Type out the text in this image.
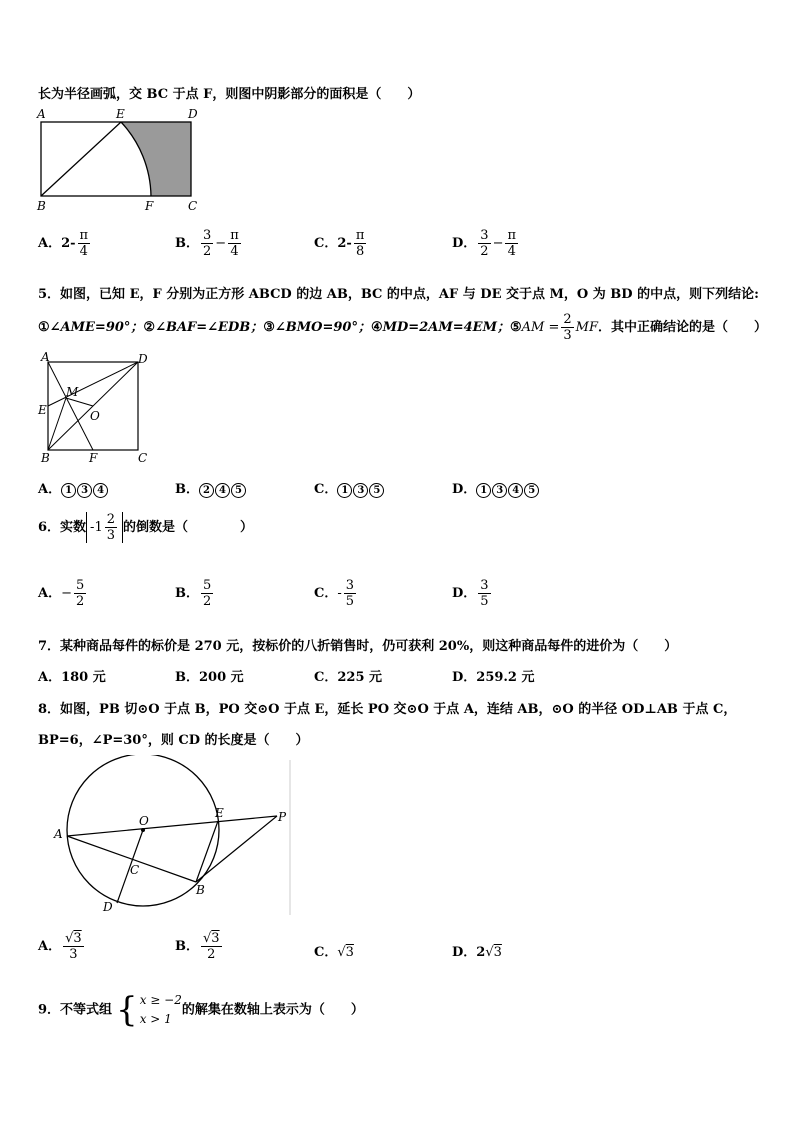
长为半径画弧，交 BC 于点 F，则图中阴影部分的面积是（　　）
A	E	D
B	F	C
A．$2- \frac{\pi}{4}$	B． $\frac{3}{2} - \frac{\pi}{4}$	C．$2- \frac{\pi}{8}$	D． $\frac{3}{2} - \frac{\pi}{4}$
5．如图，已知 E，F 分别为正方形 ABCD 的边 AB，BC 的中点，AF 与 DE 交于点 M，O 为 BD 的中点，则下列结论:
①∠AME=90°；②∠BAF=∠EDB；③∠BMO=90°；④MD=2AM=4EM；⑤AM = $\frac{2}{3}$ MF．其中正确结论的是（　　）
A	D
M
E	O
B	F	C
A． 1 3 4	B． 2 4 5	C． 1 3 5	D． 1 3 4 5
6．实数 $-1 \frac{2}{3}$ 的倒数是（　　　　）
A．− $\frac{5}{2}$	B． $\frac{5}{2}$	C．- $\frac{3}{5}$	D． $\frac{3}{5}$
7．某种商品每件的标价是 270 元，按标价的八折销售时，仍可获利 20%，则这种商品每件的进价为（　　）
A．180 元	B．200 元	C．225 元	D．259.2 元
8．如图，PB 切⊙O 于点 B，PO 交⊙O 于点 E，延长 PO 交⊙O 于点 A，连结 AB，⊙O 的半径 OD⊥AB 于点 C，
BP=6，∠P=30°，则 CD 的长度是（　　）
A
O
E	P
C
B
D
A． $\frac{√3}{3}$	B． $\frac{√3}{2}$	C．√3	D．2√3
9．不等式组 { x ≥ −2
x > 1
的解集在数轴上表示为（　　）
